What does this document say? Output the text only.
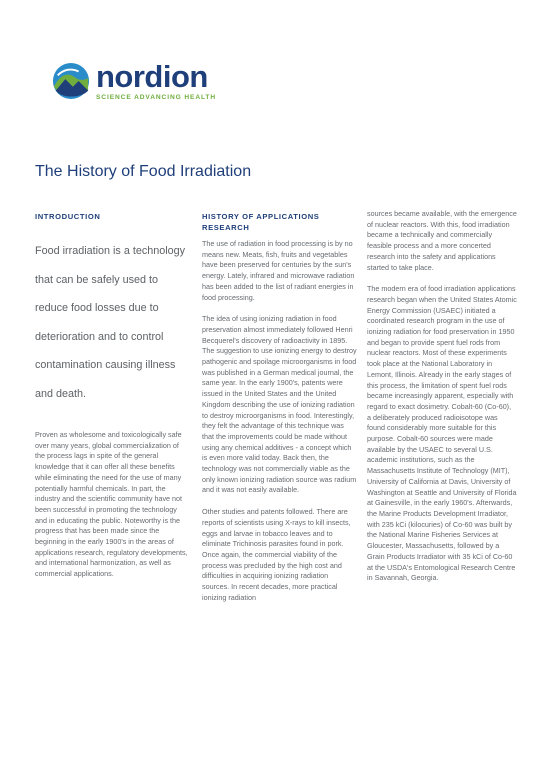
nordion
SCIENCE ADVANCING HEALTH
The History of Food Irradiation
INTRODUCTION

Food irradiation is a technology that can be safely used to reduce food losses due to deterioration and to control contamination causing illness and death.

Proven as wholesome and toxicologically safe over many years, global commercialization of the process lags in spite of the general knowledge that it can offer all these benefits while eliminating the need for the use of many potentially harmful chemicals. In part, the industry and the scientific community have not been successful in promoting the technology and in educating the public. Noteworthy is the progress that has been made since the beginning in the early 1900's in the areas of applications research, regulatory developments, and international harmonization, as well as commercial applications.

HISTORY OF APPLICATIONS RESEARCH

The use of radiation in food processing is by no means new. Meats, fish, fruits and vegetables have been preserved for centuries by the sun's energy. Lately, infrared and microwave radiation has been added to the list of radiant energies in food processing.

The idea of using ionizing radiation in food preservation almost immediately followed Henri Becquerel's discovery of radioactivity in 1895. The suggestion to use ionizing energy to destroy pathogenic and spoilage microorganisms in food was published in a German medical journal, the same year. In the early 1900's, patents were issued in the United States and the United Kingdom describing the use of ionizing radiation to destroy microorganisms in food. Interestingly, they felt the advantage of this technique was that the improvements could be made without using any chemical additives - a concept which is even more valid today. Back then, the technology was not commercially viable as the only known ionizing radiation source was radium and it was not easily available.

Other studies and patents followed. There are reports of scientists using X-rays to kill insects, eggs and larvae in tobacco leaves and to eliminate Trichinosis parasites found in pork. Once again, the commercial viability of the process was precluded by the high cost and difficulties in acquiring ionizing radiation sources. In recent decades, more practical ionizing radiation

sources became available, with the emergence of nuclear reactors. With this, food irradiation became a technically and commercially feasible process and a more concerted research into the safety and applications started to take place.

The modern era of food irradiation applications research began when the United States Atomic Energy Commission (USAEC) initiated a coordinated research program in the use of ionizing radiation for food preservation in 1950 and began to provide spent fuel rods from nuclear reactors. Most of these experiments took place at the National Laboratory in Lemont, Illinois. Already in the early stages of this process, the limitation of spent fuel rods became increasingly apparent, especially with regard to exact dosimetry. Cobalt-60 (Co-60), a deliberately produced radioisotope was found considerably more suitable for this purpose. Cobalt-60 sources were made available by the USAEC to several U.S. academic institutions, such as the Massachusetts Institute of Technology (MIT), University of California at Davis, University of Washington at Seattle and University of Florida at Gainesville, in the early 1960's. Afterwards, the Marine Products Development Irradiator, with 235 kCi (kilocuries) of Co-60 was built by the National Marine Fisheries Services at Gloucester, Massachusetts, followed by a Grain Products Irradiator with 35 kCi of Co-60 at the USDA's Entomological Research Centre in Savannah, Georgia.
